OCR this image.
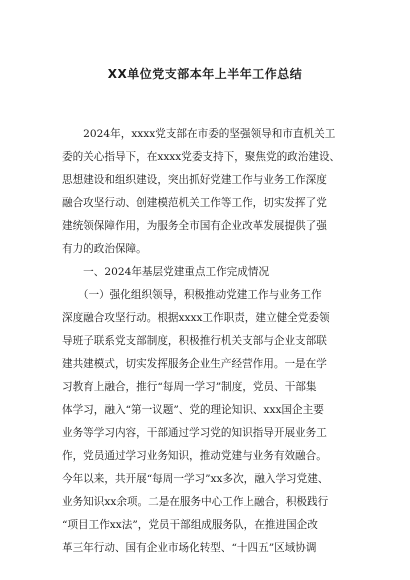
XX单位党支部本年上半年工作总结
　　2024年，xxxx党支部在市委的坚强领导和市直机关工
委的关心指导下，在xxxx党委支持下，聚焦党的政治建设、
思想建设和组织建设，突出抓好党建工作与业务工作深度
融合攻坚行动、创建模范机关工作等工作，切实发挥了党
建统领保障作用，为服务全市国有企业改革发展提供了强
有力的政治保障。
　　一、2024年基层党建重点工作完成情况
　　（一）强化组织领导，积极推动党建工作与业务工作
深度融合攻坚行动。根据xxxx工作职责，建立健全党委领
导班子联系党支部制度，积极推行机关支部与企业支部联
建共建模式，切实发挥服务企业生产经营作用。一是在学
习教育上融合，推行“每周一学习”制度，党员、干部集
体学习，融入“第一议题”、党的理论知识、xxx国企主要
业务等学习内容，干部通过学习党的知识指导开展业务工
作，党员通过学习业务知识，推动党建与业务有效融合。
今年以来，共开展“每周一学习”xx多次，融入学习党建、
业务知识xx余项。二是在服务中心工作上融合，积极践行
“项目工作xx法”，党员干部组成服务队，在推进国企改
革三年行动、国有企业市场化转型、“十四五”区域协调
